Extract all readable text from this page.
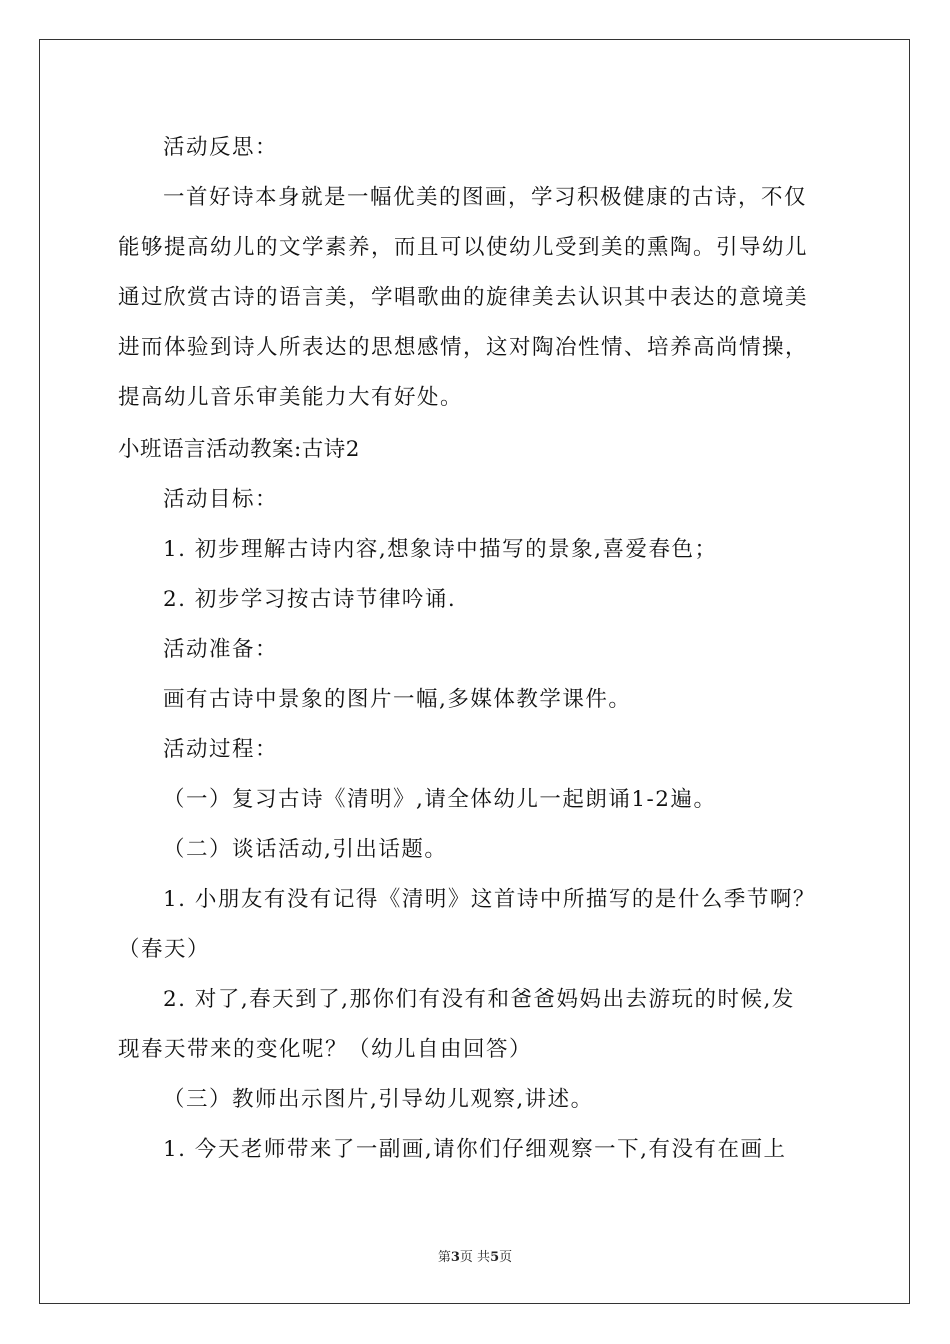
活动反思：
一首好诗本身就是一幅优美的图画，学习积极健康的古诗，不仅
能够提高幼儿的文学素养，而且可以使幼儿受到美的熏陶。引导幼儿
通过欣赏古诗的语言美，学唱歌曲的旋律美去认识其中表达的意境美
进而体验到诗人所表达的思想感情，这对陶冶性情、培养高尚情操，
提高幼儿音乐审美能力大有好处。
小班语言活动教案:古诗2
活动目标：
1. 初步理解古诗内容,想象诗中描写的景象,喜爱春色；
2. 初步学习按古诗节律吟诵.
活动准备：
画有古诗中景象的图片一幅,多媒体教学课件。
活动过程：
（一）复习古诗《清明》,请全体幼儿一起朗诵1-2遍。
（二）谈话活动,引出话题。
1. 小朋友有没有记得《清明》这首诗中所描写的是什么季节啊？
（春天）
2. 对了,春天到了,那你们有没有和爸爸妈妈出去游玩的时候,发
现春天带来的变化呢？（幼儿自由回答）
（三）教师出示图片,引导幼儿观察,讲述。
1. 今天老师带来了一副画,请你们仔细观察一下,有没有在画上
第3页 共5页
